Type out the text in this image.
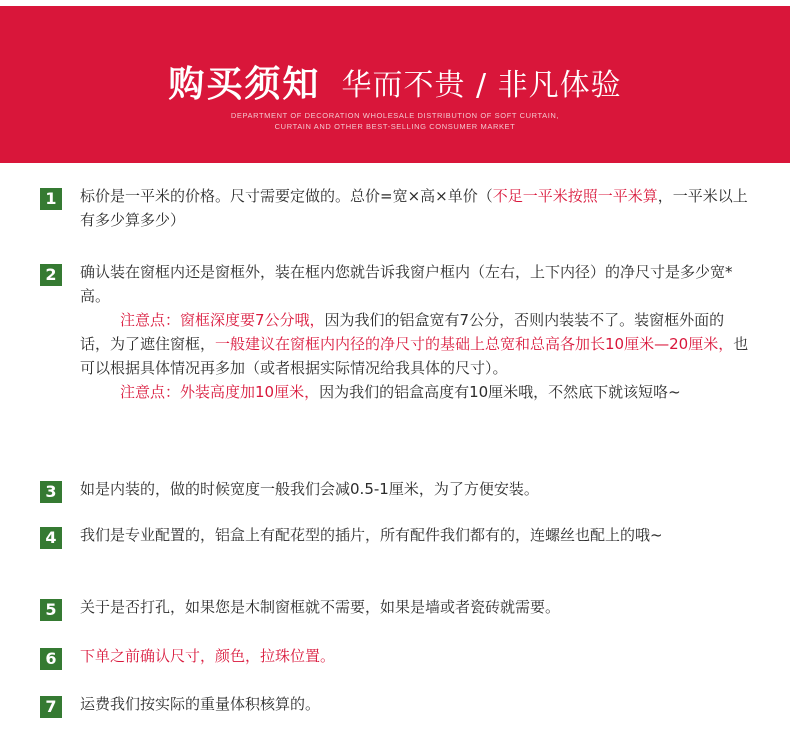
购买须知 华而不贵 / 非凡体验
DEPARTMENT OF DECORATION WHOLESALE DISTRIBUTION OF SOFT CURTAIN,
CURTAIN AND OTHER BEST-SELLING CONSUMER MARKET
1	标价是一平米的价格。尺寸需要定做的。总价=宽×高×单价（不足一平米按照一平米算，一平米以上有多少算多少）
2	确认装在窗框内还是窗框外，装在框内您就告诉我窗户框内（左右，上下内径）的净尺寸是多少宽*高。
注意点：窗框深度要7公分哦，因为我们的铝盒宽有7公分，否则内装装不了。装窗框外面的话，为了遮住窗框，一般建议在窗框内内径的净尺寸的基础上总宽和总高各加长10厘米—20厘米，也可以根据具体情况再多加（或者根据实际情况给我具体的尺寸）。
注意点：外装高度加10厘米，因为我们的铝盒高度有10厘米哦，不然底下就该短咯~
3	如是内装的，做的时候宽度一般我们会减0.5-1厘米，为了方便安装。
4	我们是专业配置的，铝盒上有配花型的插片，所有配件我们都有的，连螺丝也配上的哦~
5	关于是否打孔，如果您是木制窗框就不需要，如果是墙或者瓷砖就需要。
6	下单之前确认尺寸，颜色，拉珠位置。
7	运费我们按实际的重量体积核算的。
